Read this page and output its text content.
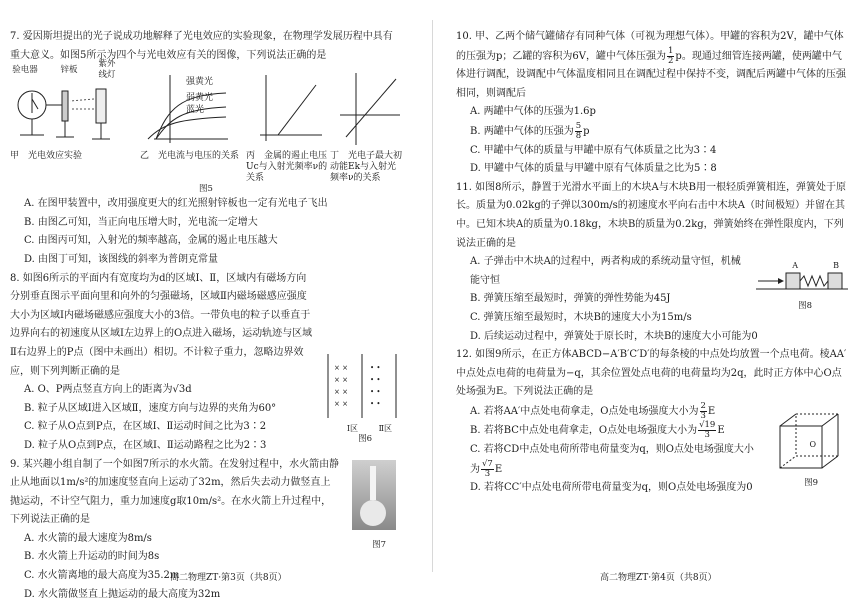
7. 爱因斯坦提出的光子说成功地解释了光电效应的实验现象，在物理学发展历程中具有重大意义。如图5所示为四个与光电效应有关的图像，下列说法正确的是

验电器	锌板
紫外线灯
强黄光
弱黄光
蓝光
甲　光电效应实验	乙　光电流与电压的关系 丙　金属的遏止电压Uc与入射光频率ν的关系
丁　光电子最大初动能Ek与入射光频率ν的关系
图5

A. 在图甲装置中，改用强度更大的红光照射锌板也一定有光电子飞出

B. 由图乙可知，当正向电压增大时，光电流一定增大

C. 由图丙可知，入射光的频率越高，金属的遏止电压越大

D. 由图丁可知，该图线的斜率为普朗克常量

8. 如图6所示的平面内有宽度均为d的区域Ⅰ、Ⅱ，区域内有磁场方向分别垂直图示平面向里和向外的匀强磁场，区域Ⅱ内磁场磁感应强度大小为区域Ⅰ内磁场磁感应强度大小的3倍。一带负电的粒子以垂直于边界向右的初速度从区域Ⅰ左边界上的O点进入磁场，运动轨迹与区域Ⅱ右边界上的P点（图中未画出）相切。不计粒子重力，忽略边界效应，则下列判断正确的是	× ×
× ×
× ×
× ×
• •
• •
• •
• •
Ⅰ区	Ⅱ区
图6

A. O、P两点竖直方向上的距离为√3d

B. 粒子从区域Ⅰ进入区域Ⅱ，速度方向与边界的夹角为60°

C. 粒子从O点到P点，在区域Ⅰ、Ⅱ运动时间之比为3∶2

D. 粒子从O点到P点，在区域Ⅰ、Ⅱ运动路程之比为2∶3

9. 某兴趣小组自制了一个如图7所示的水火箭。在发射过程中，水火箭由静止从地面以1m/s²的加速度竖直向上运动了32m，然后失去动力做竖直上抛运动，不计空气阻力，重力加速度g取10m/s²。在水火箭上升过程中，下列说法正确的是

图7

A. 水火箭的最大速度为8m/s

B. 水火箭上升运动的时间为8s

C. 水火箭离地的最大高度为35.2m

D. 水火箭做竖直上抛运动的最大高度为32m

高二物理ZT·第3页（共8页）

10. 甲、乙两个储气罐储存有同种气体（可视为理想气体）。甲罐的容积为2V，罐中气体的压强为p；乙罐的容积为6V，罐中气体压强为 $\frac{1}{2}$ p。现通过细管连接两罐，使两罐中气体进行调配，设调配中气体温度相同且在调配过程中保持不变，调配后两罐中气体的压强相同，则调配后

A. 两罐中气体的压强为1.6p

B. 两罐中气体的压强为 $\frac{5}{8}$ p

C. 甲罐中气体的质量与甲罐中原有气体质量之比为3∶4

D. 甲罐中气体的质量与甲罐中原有气体质量之比为5∶8

11. 如图8所示，静置于光滑水平面上的木块A与木块B用一根轻质弹簧相连，弹簧处于原长。质量为0.02kg的子弹以300m/s的初速度水平向右击中木块A（时间极短）并留在其中。已知木块A的质量为0.18kg，木块B的质量为0.2kg，弹簧始终在弹性限度内，下列说法正确的是

A	B
图8

A. 子弹击中木块A的过程中，两者构成的系统动量守恒，机械能守恒

B. 弹簧压缩至最短时，弹簧的弹性势能为45J

C. 弹簧压缩至最短时，木块B的速度大小为15m/s

D. 后续运动过程中，弹簧处于原长时，木块B的速度大小可能为0

12. 如图9所示，在正方体ABCD−A′B′C′D′的每条棱的中点处均放置一个点电荷。棱AA′中点处点电荷的电荷量为−q，其余位置处点电荷的电荷量均为2q，此时正方体中心O点处场强为E。下列说法正确的是

O
图9

A. 若将AA′中点处电荷拿走，O点处电场强度大小为 $\frac{2}{3}$ E

B. 若将BC中点处电荷拿走，O点处电场强度大小为 $\frac{√19}{3}$ E

C. 若将CD中点处电荷所带电荷量变为q，则O点处电场强度大小为 $\frac{√7}{3}$ E

D. 若将CC′中点处电荷所带电荷量变为q，则O点处电场强度为0

高二物理ZT·第4页（共8页）
